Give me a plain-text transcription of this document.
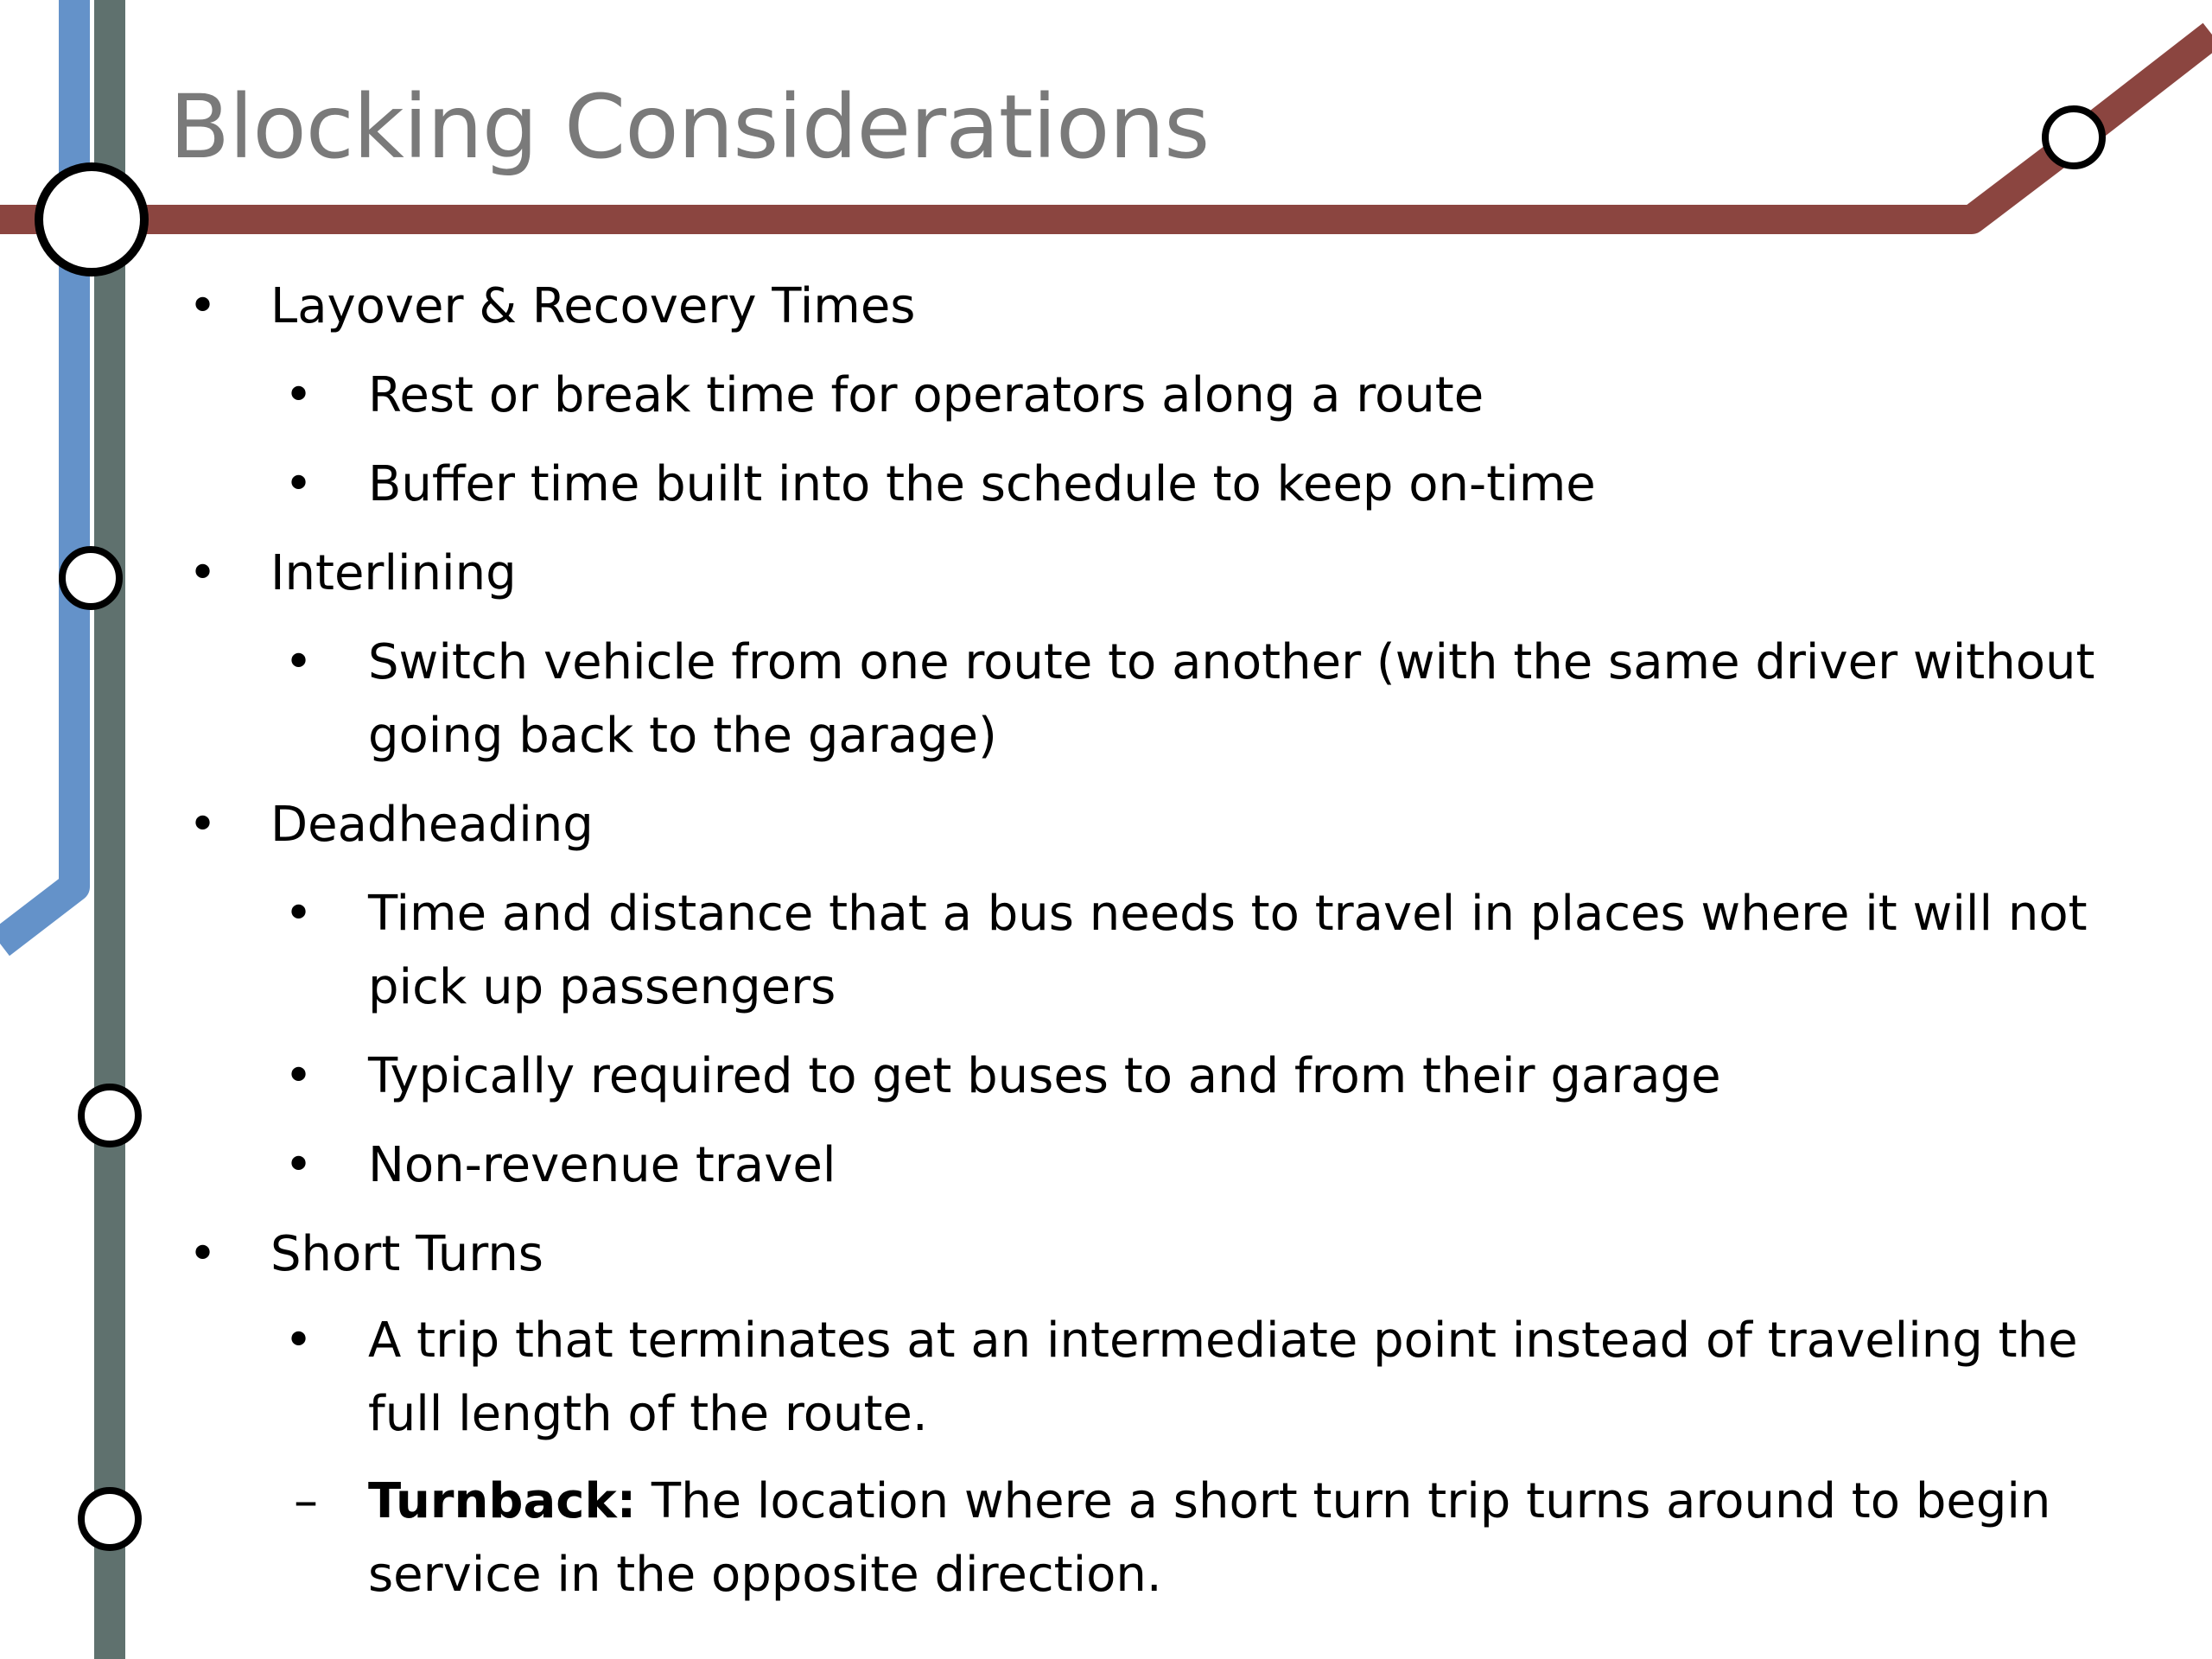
Blocking Considerations
• Layover & Recovery Times
• Rest or break time for operators along a route
• Buffer time built into the schedule to keep on-time
• Interlining
• Switch vehicle from one route to another (with the same driver without going back to the garage)
• Deadheading
• Time and distance that a bus needs to travel in places where it will not pick up passengers
• Typically required to get buses to and from their garage
• Non-revenue travel
• Short Turns
• A trip that terminates at an intermediate point instead of traveling the full length of the route.
– Turnback: The location where a short turn trip turns around to begin service in the opposite direction.
